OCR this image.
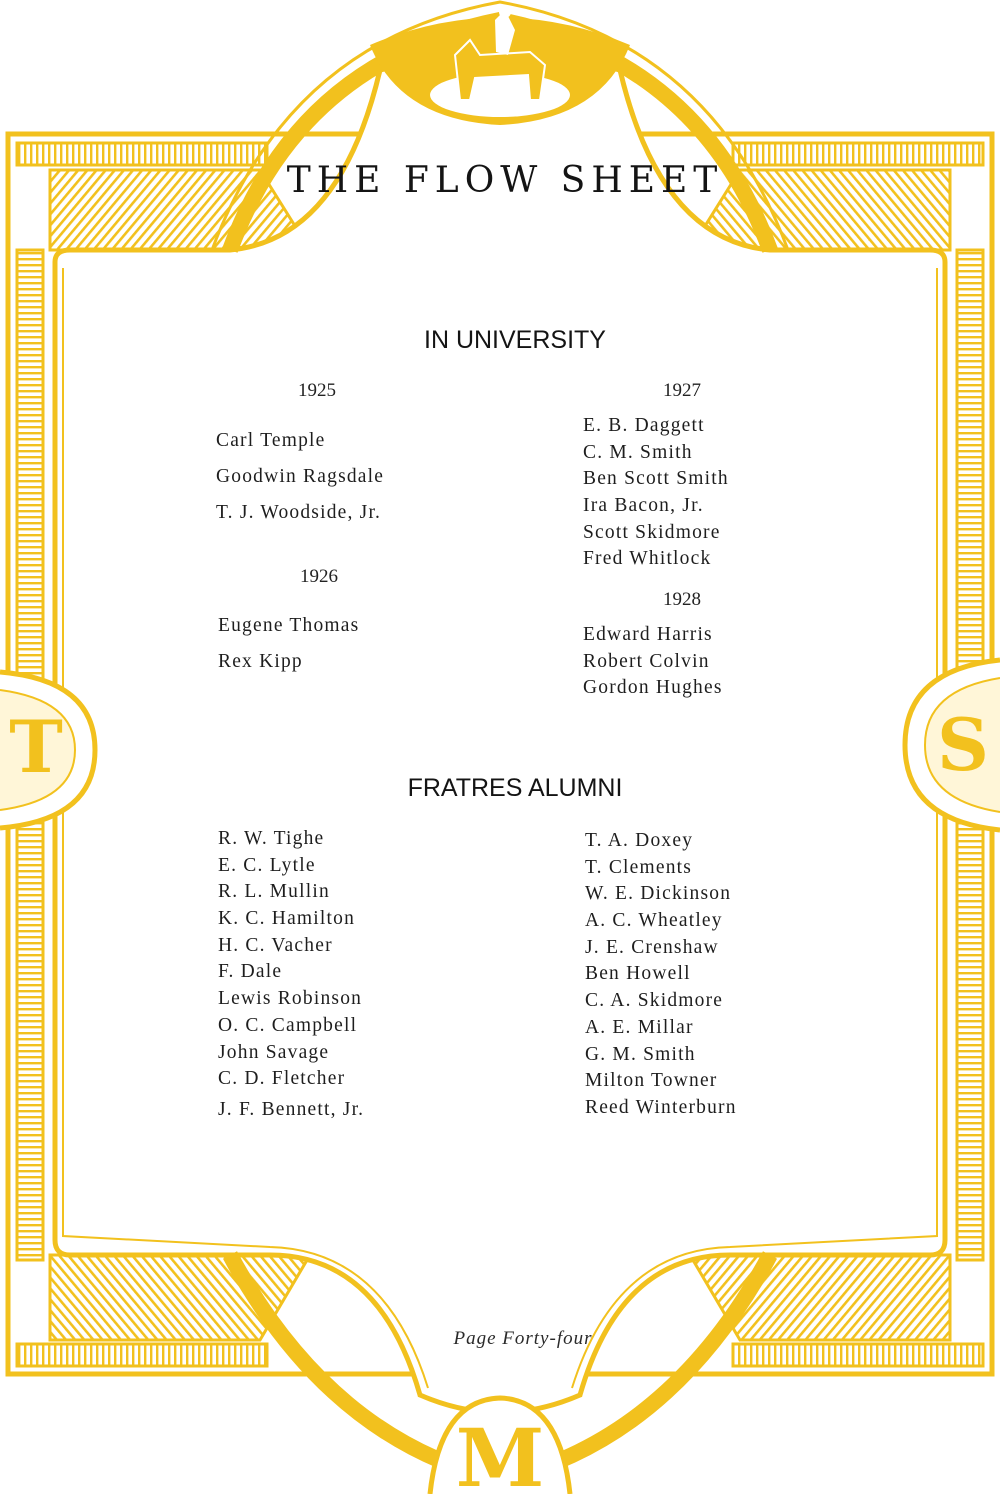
T	S
M
THE FLOW SHEET
IN UNIVERSITY
1925
Carl Temple
Goodwin Ragsdale
T. J. Woodside, Jr.
1926
Eugene Thomas
Rex Kipp
1927
E. B. Daggett
C. M. Smith
Ben Scott Smith
Ira Bacon, Jr.
Scott Skidmore
Fred Whitlock
1928
Edward Harris
Robert Colvin
Gordon Hughes
FRATRES ALUMNI
R. W. Tighe
E. C. Lytle
R. L. Mullin
K. C. Hamilton
H. C. Vacher
F. Dale
Lewis Robinson
O. C. Campbell
John Savage
C. D. Fletcher
J. F. Bennett, Jr.
T. A. Doxey
T. Clements
W. E. Dickinson
A. C. Wheatley
J. E. Crenshaw
Ben Howell
C. A. Skidmore
A. E. Millar
G. M. Smith
Milton Towner
Reed Winterburn
Page Forty-four
